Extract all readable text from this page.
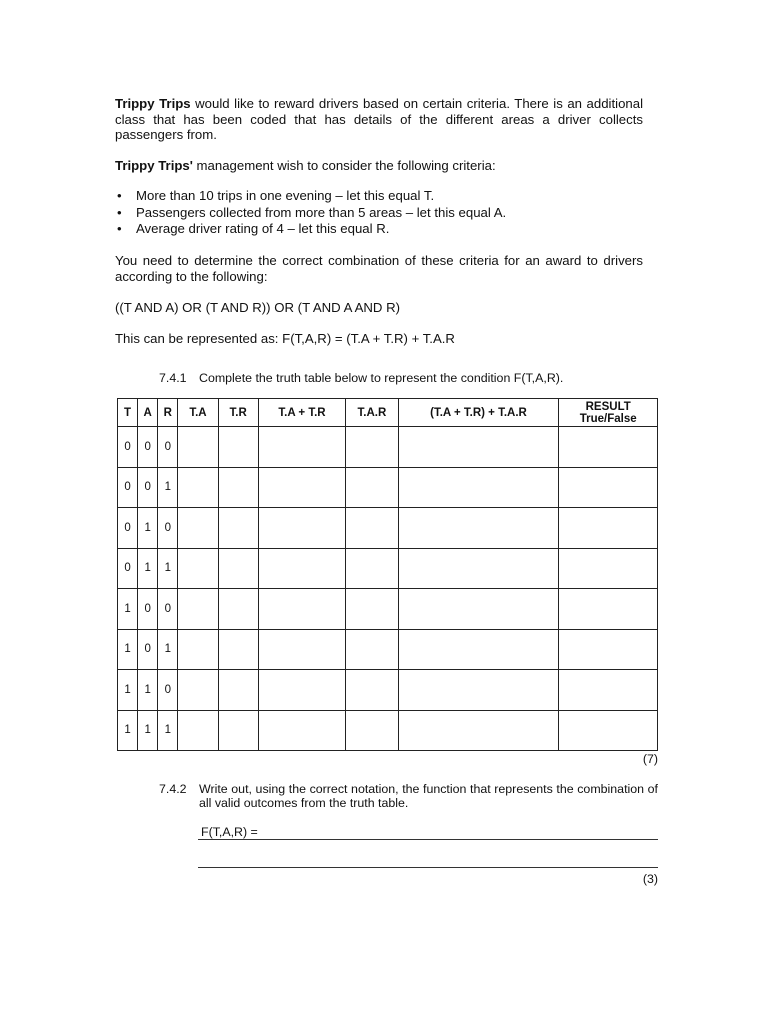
Trippy Trips would like to reward drivers based on certain criteria. There is an additional class that has been coded that has details of the different areas a driver collects passengers from.

Trippy Trips' management wish to consider the following criteria:

• More than 10 trips in one evening – let this equal T.
• Passengers collected from more than 5 areas – let this equal A.
• Average driver rating of 4 – let this equal R.

You need to determine the correct combination of these criteria for an award to drivers according to the following:

((T AND A) OR (T AND R)) OR (T AND A AND R)
This can be represented as: F(T,A,R) = (T.A + T.R) + T.A.R
7.4.1 Complete the truth table below to represent the condition F(T,A,R).
T	A	R	T.A	T.R	T.A + T.R	T.A.R	(T.A + T.R) + T.A.R	RESULT
True/False
0	0	0						
0	0	1						
0	1	0						
0	1	1						
1	0	0						
1	0	1						
1	1	0						
1	1	1						
(7)
7.4.2 Write out, using the correct notation, the function that represents the combination of all valid outcomes from the truth table.
F(T,A,R) =
(3)
